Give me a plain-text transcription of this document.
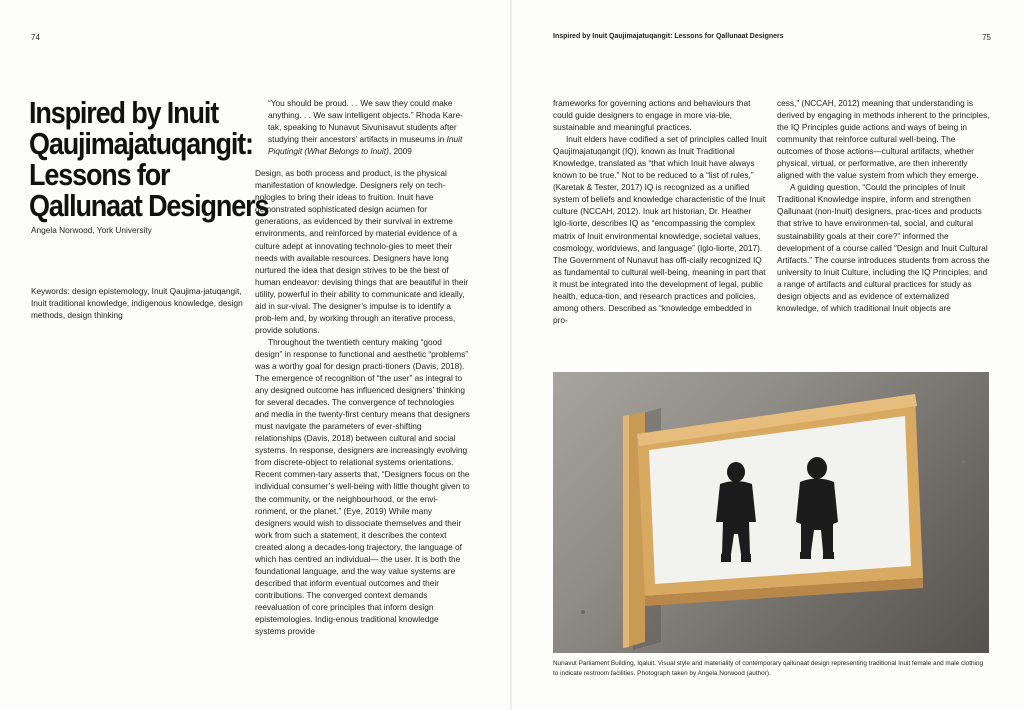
74	Inspired by Inuit Qaujimajatuqangit: Lessons for Qallunaat Designers	75
Inspired by Inuit
Qaujimajatuqangit:
Lessons for
Qallunaat Designers
Angela Norwood, York University
Keywords: design epistemology, Inuit Qaujima-jatuqangit, Inuit traditional knowledge, indigenous knowledge, design methods, design thinking

“You should be proud. . . We saw they could make anything. . . We saw intelligent objects.” Rhoda Kare-tak, speaking to Nunavut Sivunisavut students after studying their ancestors’ artifacts in museums in Inuit Piqutingit (What Belongs to Inuit), 2009

Design, as both process and product, is the physical manifestation of knowledge. Designers rely on tech-nologies to bring their ideas to fruition. Inuit have demonstrated sophisticated design acumen for generations, as evidenced by their survival in extreme environments, and reinforced by material evidence of a culture adept at innovating technolo-gies to meet their needs with available resources. Designers have long nurtured the idea that design strives to be the best of human endeavor: devising things that are beautiful in their utility, powerful in their ability to communicate and ideally, aid in sur-vival. The designer’s impulse is to identify a prob-lem and, by working through an iterative process, provide solutions.

Throughout the twentieth century making “good design” in response to functional and aesthetic “problems” was a worthy goal for design practi-tioners (Davis, 2018). The emergence of recognition of “the user” as integral to any designed outcome has influenced designers’ thinking for several decades. The convergence of technologies and media in the twenty-first century means that designers must navigate the parameters of ever-shifting relationships (Davis, 2018) between cultural and social systems. In response, designers are increasingly evolving from discrete-object to relational systems orientations. Recent commen-tary asserts that, “Designers focus on the individual consumer’s well-being with little thought given to the community, or the neighbourhood, or the envi-ronment, or the planet.” (Eye, 2019) While many designers would wish to dissociate themselves and their work from such a statement, it describes the context created along a decades-long trajectory, the language of which has centred an individual— the user. It is both the foundational language, and the way value systems are described that inform eventual outcomes and their contributions. The converged context demands reevaluation of core principles that inform design epistemologies. Indig-enous traditional knowledge systems provide

frameworks for governing actions and behaviours that could guide designers to engage in more via-ble, sustainable and meaningful practices.

Inuit elders have codified a set of principles called Inuit Qaujimajatuqangit (IQ), known as Inuit Traditional Knowledge, translated as “that which Inuit have always known to be true.” Not to be reduced to a “list of rules,” (Karetak & Tester, 2017) IQ is recognized as a unified system of beliefs and knowledge characteristic of the Inuit culture (NCCAH, 2012). Inuk art historian, Dr. Heather Iglo-liorte, describes IQ as “encompassing the complex matrix of Inuit environmental knowledge, societal values, cosmology, worldviews, and language” (Iglo-liorte, 2017). The Government of Nunavut has offi-cially recognized IQ as fundamental to cultural well-being, meaning in part that it must be integrated into the development of legal, public health, educa-tion, and research practices and policies, among others. Described as “knowledge embedded in pro-

cess,” (NCCAH, 2012) meaning that understanding is derived by engaging in methods inherent to the principles, the IQ Principles guide actions and ways of being in community that reinforce cultural well-being. The outcomes of those actions—cultural artifacts, whether physical, virtual, or performative, are then inherently aligned with the value system from which they emerge.

A guiding question, “Could the principles of Inuit Traditional Knowledge inspire, inform and strengthen Qallunaat (non-Inuit) designers, prac-tices and products that strive to have environmen-tal, social, and cultural sustainability goals at their core?” informed the development of a course called “Design and Inuit Cultural Artifacts.” The course introduces students from across the university to Inuit Culture, including the IQ Principles, and a range of artifacts and cultural practices for study as design objects and as evidence of externalized knowledge, of which traditional Inuit objects are

Nunavut Parliament Building, Iqaluit. Visual style and materiality of contemporary qallunaat design representing traditional Inuit female and male clothing to indicate restroom facilities. Photograph taken by Angela Norwood (author).
